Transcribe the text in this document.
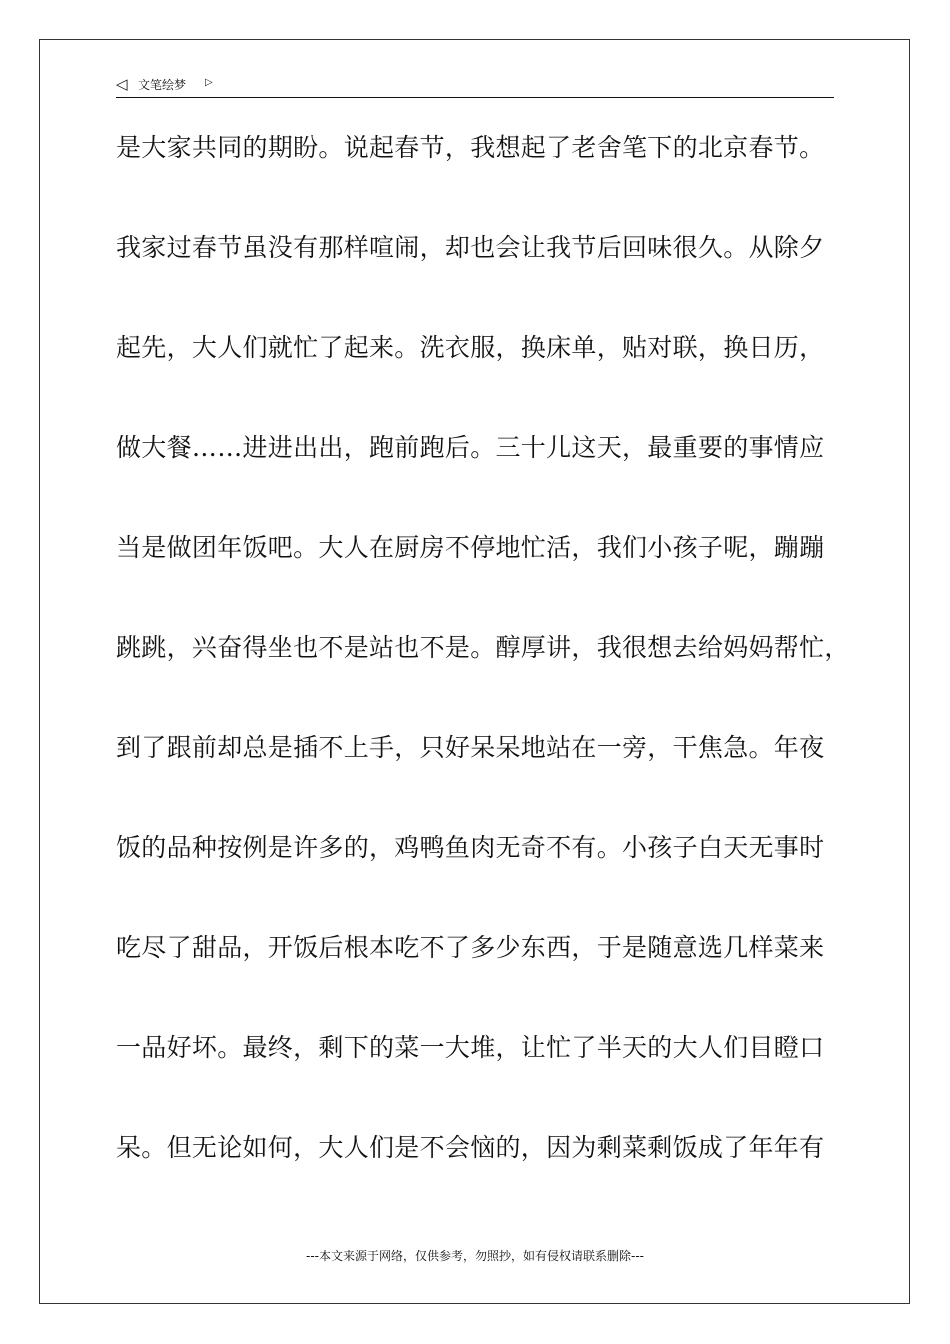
◁ 文笔绘梦 ▷
是大家共同的期盼。说起春节，我想起了老舍笔下的北京春节。
我家过春节虽没有那样喧闹，却也会让我节后回味很久。从除夕
起先，大人们就忙了起来。洗衣服，换床单，贴对联，换日历，
做大餐……进进出出，跑前跑后。三十儿这天，最重要的事情应
当是做团年饭吧。大人在厨房不停地忙活，我们小孩子呢，蹦蹦
跳跳，兴奋得坐也不是站也不是。醇厚讲，我很想去给妈妈帮忙，
到了跟前却总是插不上手，只好呆呆地站在一旁，干焦急。年夜
饭的品种按例是许多的，鸡鸭鱼肉无奇不有。小孩子白天无事时
吃尽了甜品，开饭后根本吃不了多少东西，于是随意选几样菜来
一品好坏。最终，剩下的菜一大堆，让忙了半天的大人们目瞪口
呆。但无论如何，大人们是不会恼的，因为剩菜剩饭成了年年有
---本文来源于网络，仅供参考，勿照抄，如有侵权请联系删除---
